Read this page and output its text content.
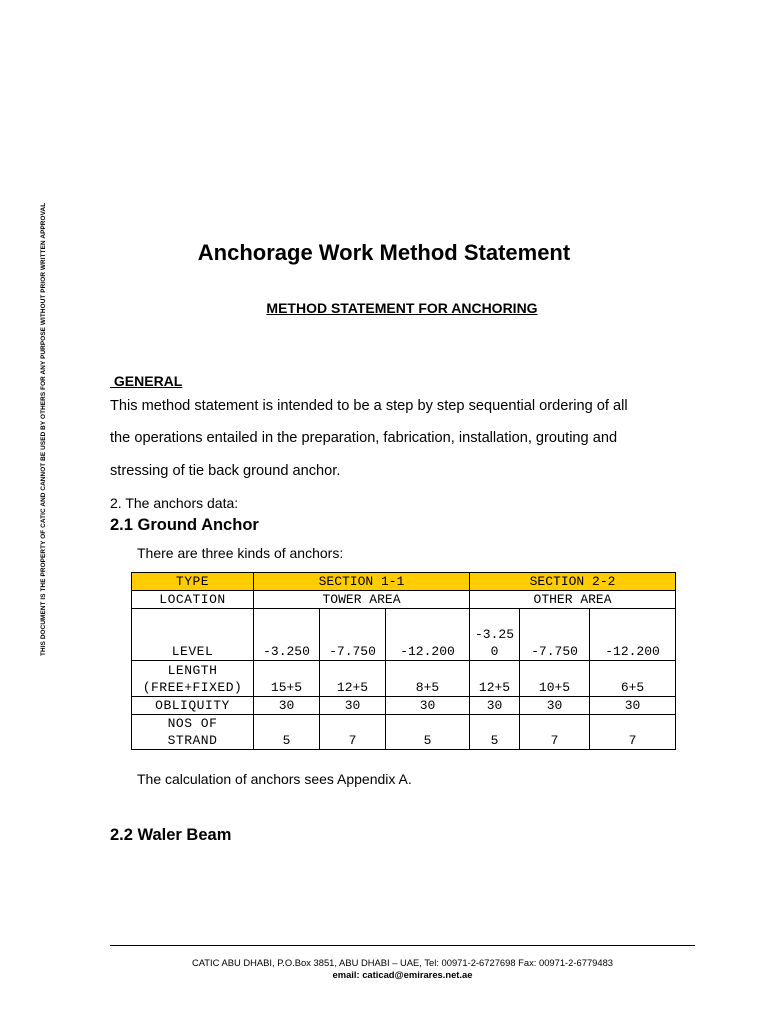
THIS DOCUMENT IS THE PROPERTY OF CATIC AND CANNOT BE USED BY OTHERS FOR ANY PURPOSE WITHOUT PRIOR WRITTEN APPROVAL	Anchorage Work Method Statement
METHOD STATEMENT FOR ANCHORING
GENERAL
This method statement is intended to be a step by step sequential ordering of all
the operations entailed in the preparation, fabrication, installation, grouting and
stressing of tie back ground anchor.
2. The anchors data:
2.1 Ground Anchor
There are three kinds of anchors:
TYPE	SECTION 1-1			SECTION 2-2		
LOCATION	TOWER AREA			OTHER AREA		
LEVEL	-3.250	-7.750	-12.200	-3.250	-7.750	-12.200

LENGTH
(FREE+FIXED)	15+5	12+5	8+5	12+5	10+5	6+5
OBLIQUITY	30	30	30	30	30	30

NOS OF
STRAND	5	7	5	5	7	7
The calculation of anchors sees Appendix A.
2.2 Waler Beam
CATIC ABU DHABI, P.O.Box 3851, ABU DHABI – UAE, Tel: 00971-2-6727698 Fax: 00971-2-6779483
email: caticad@emirares.net.ae
